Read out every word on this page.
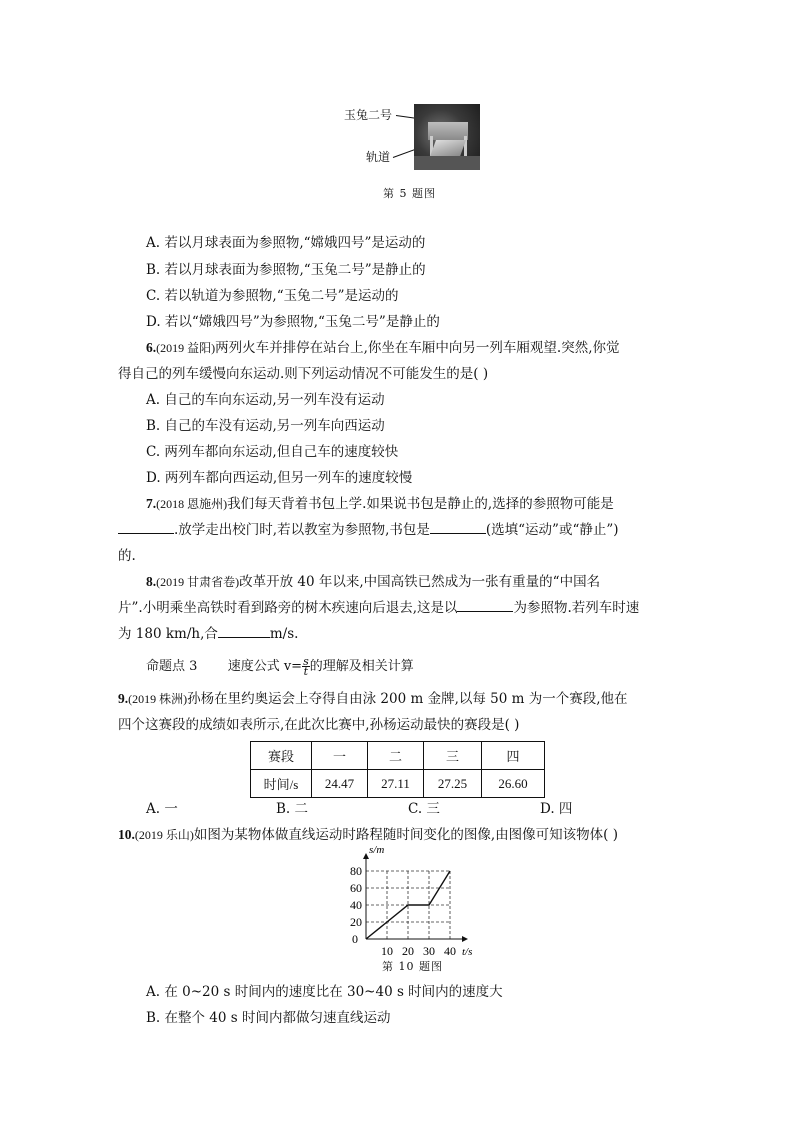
玉兔二号
轨道
第 5 题图
A. 若以月球表面为参照物,“嫦娥四号”是运动的
B. 若以月球表面为参照物,“玉兔二号”是静止的
C. 若以轨道为参照物,“玉兔二号”是运动的
D. 若以“嫦娥四号”为参照物,“玉兔二号”是静止的
6.(2019 益阳)两列火车并排停在站台上,你坐在车厢中向另一列车厢观望.突然,你觉
得自己的列车缓慢向东运动.则下列运动情况不可能发生的是( )
A. 自己的车向东运动,另一列车没有运动
B. 自己的车没有运动,另一列车向西运动
C. 两列车都向东运动,但自己车的速度较快
D. 两列车都向西运动,但另一列车的速度较慢
7.(2018 恩施州)我们每天背着书包上学.如果说书包是静止的,选择的参照物可能是
.放学走出校门时,若以教室为参照物,书包是	(选填“运动”或“静止”)
的.
8.(2019 甘肃省卷)改革开放 40 年以来,中国高铁已然成为一张有重量的“中国名
片”.小明乘坐高铁时看到路旁的树木疾速向后退去,这是以	为参照物.若列车时速
为 180 km/h,合	m/s.
命题点 3 速度公式 $v= \frac{s}{t}$ 的理解及相关计算
9.(2019 株洲)孙杨在里约奥运会上夺得自由泳 200 m 金牌,以每 50 m 为一个赛段,他在
四个这赛段的成绩如表所示,在此次比赛中,孙杨运动最快的赛段是( )
赛段	一	二	三	四
时间/s	24.47	27.11	27.25	26.60
A. 一	B. 二	C. 三	D. 四
10.(2019 乐山)如图为某物体做直线运动时路程随时间变化的图像,由图像可知该物体( )
s/m
t/s
0
10 20 30 40
20
40
60
80
第 10 题图
A. 在 0~20 s 时间内的速度比在 30~40 s 时间内的速度大
B. 在整个 40 s 时间内都做匀速直线运动
